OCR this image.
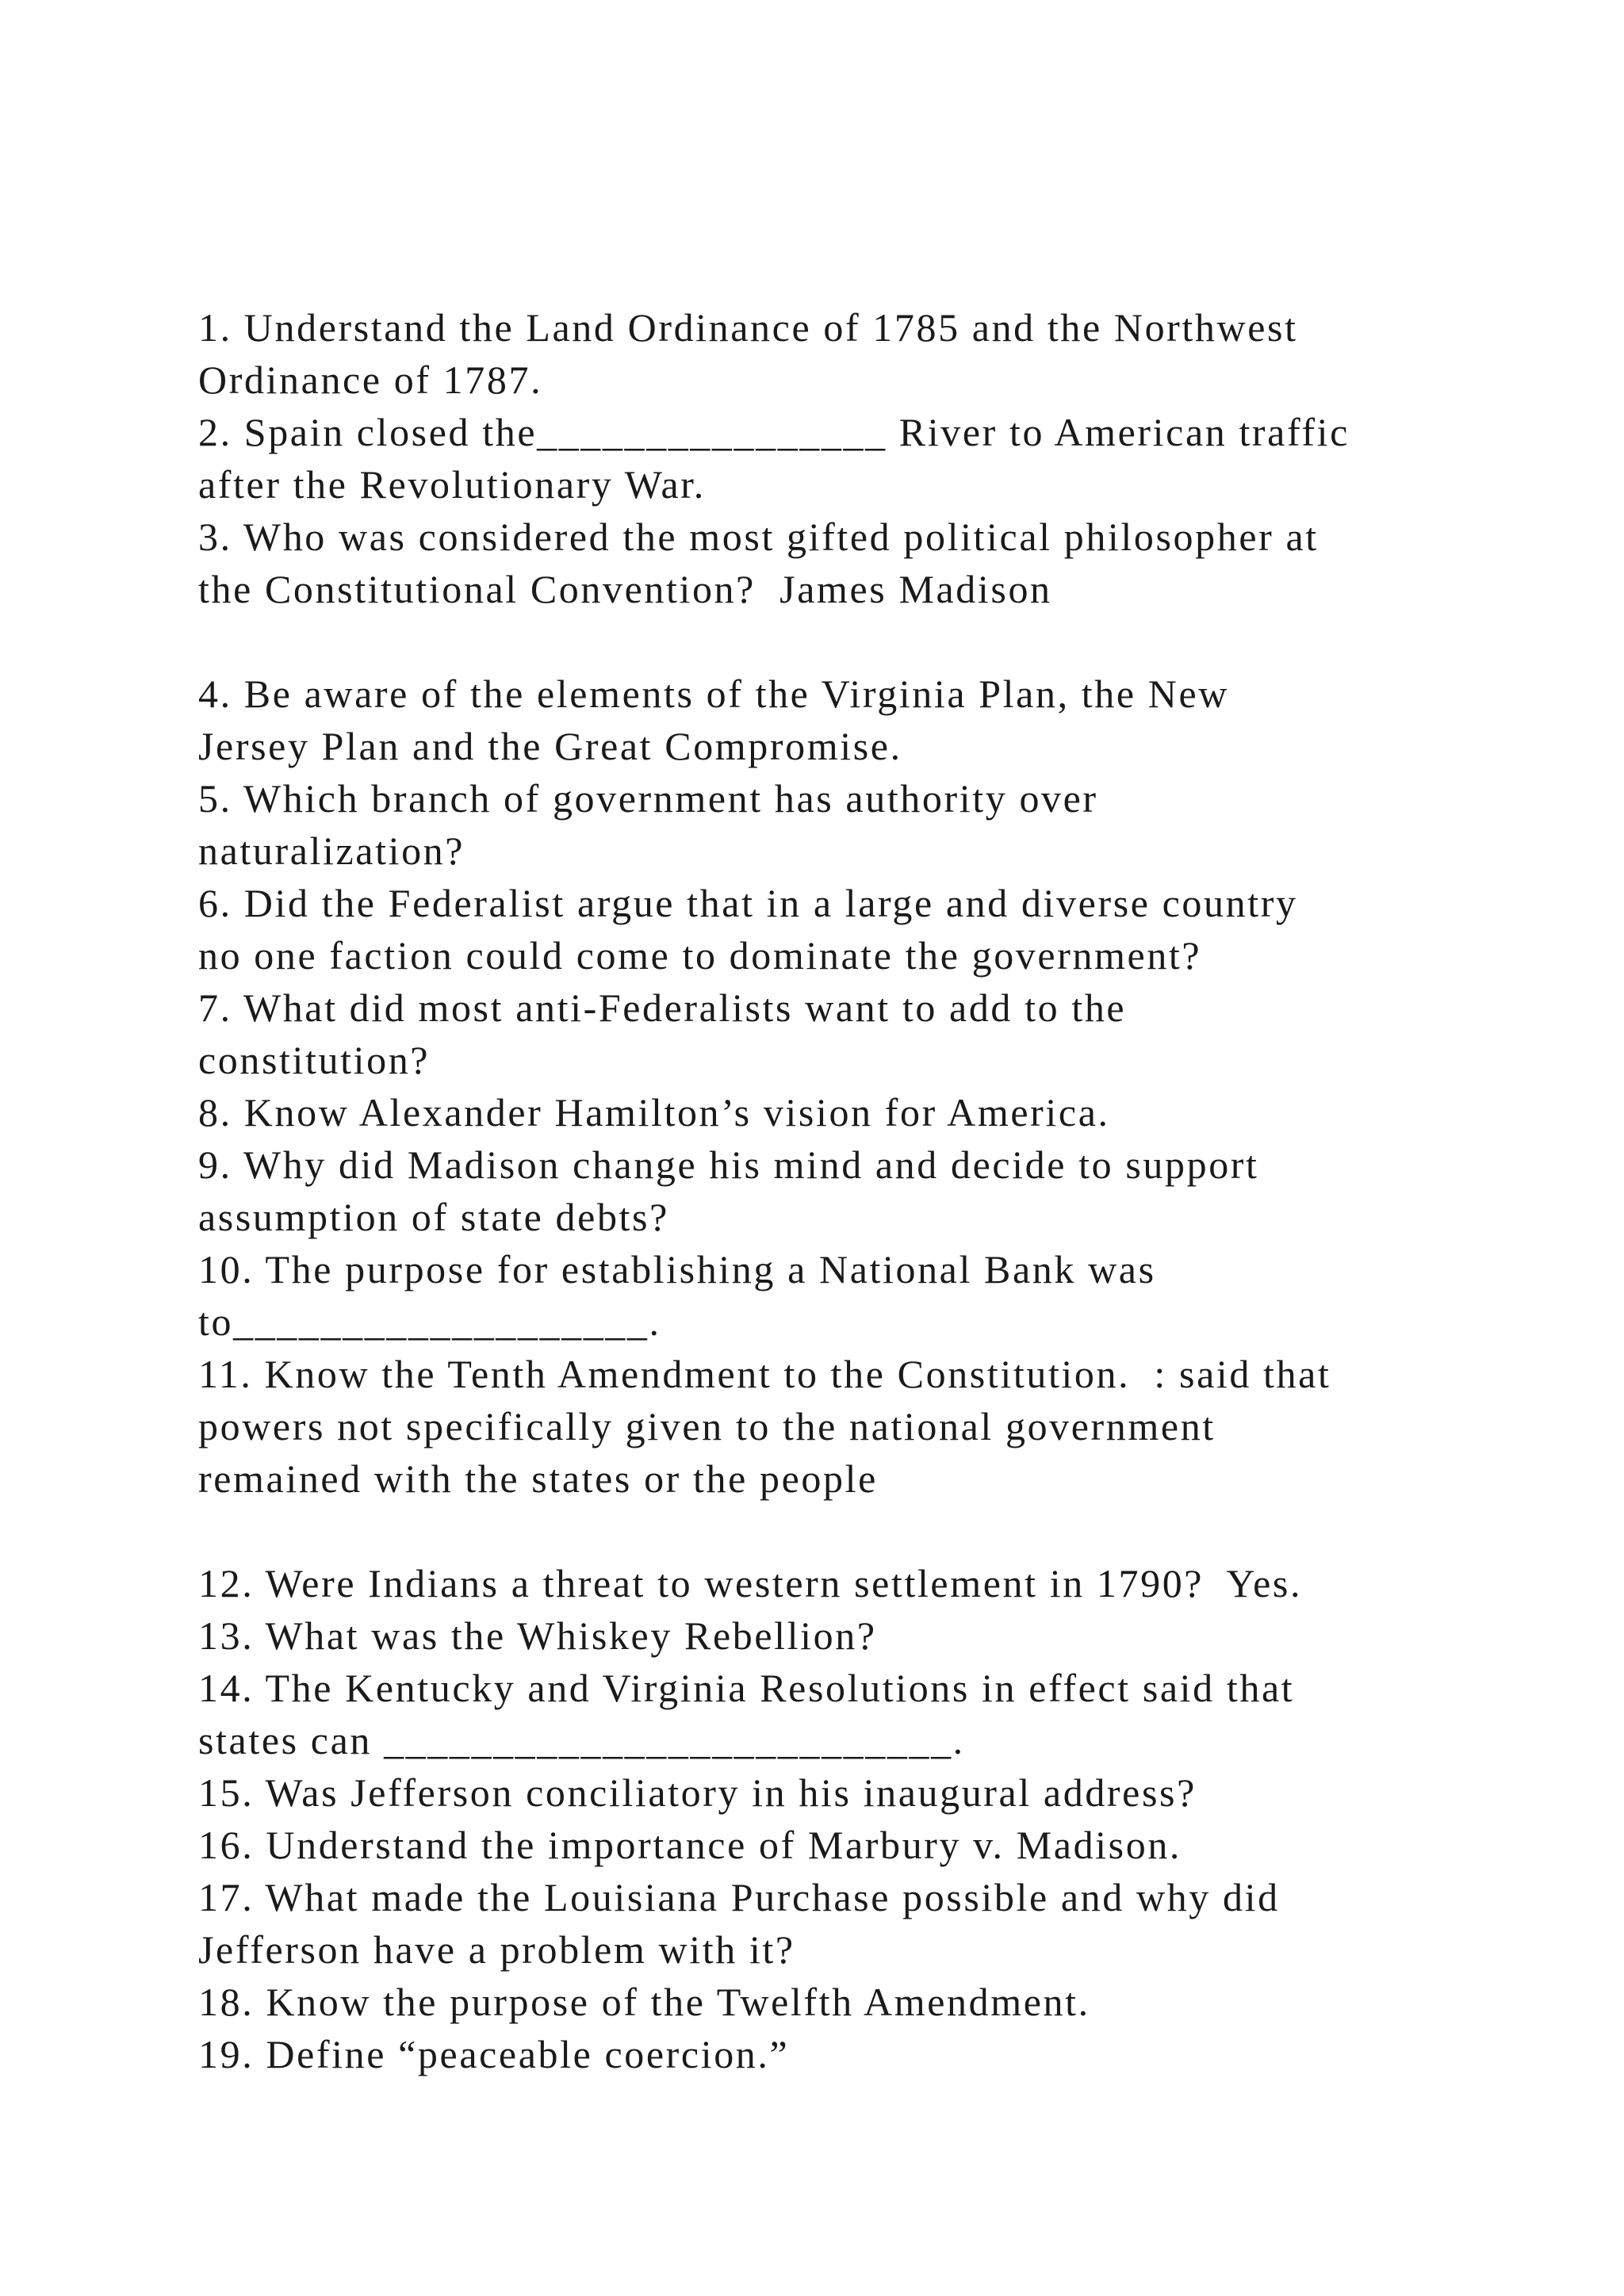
1. Understand the Land Ordinance of 1785 and the Northwest
Ordinance of 1787.
2. Spain closed the________________ River to American traffic
after the Revolutionary War.
3. Who was considered the most gifted political philosopher at
the Constitutional Convention?  James Madison
4. Be aware of the elements of the Virginia Plan, the New
Jersey Plan and the Great Compromise.
5. Which branch of government has authority over
naturalization?
6. Did the Federalist argue that in a large and diverse country
no one faction could come to dominate the government?
7. What did most anti-Federalists want to add to the
constitution?
8. Know Alexander Hamilton’s vision for America.
9. Why did Madison change his mind and decide to support
assumption of state debts?
10. The purpose for establishing a National Bank was
to___________________.
11. Know the Tenth Amendment to the Constitution.  : said that
powers not specifically given to the national government
remained with the states or the people
12. Were Indians a threat to western settlement in 1790?  Yes.
13. What was the Whiskey Rebellion?
14. The Kentucky and Virginia Resolutions in effect said that
states can __________________________.
15. Was Jefferson conciliatory in his inaugural address?
16. Understand the importance of Marbury v. Madison.
17. What made the Louisiana Purchase possible and why did
Jefferson have a problem with it?
18. Know the purpose of the Twelfth Amendment.
19. Define “peaceable coercion.”
